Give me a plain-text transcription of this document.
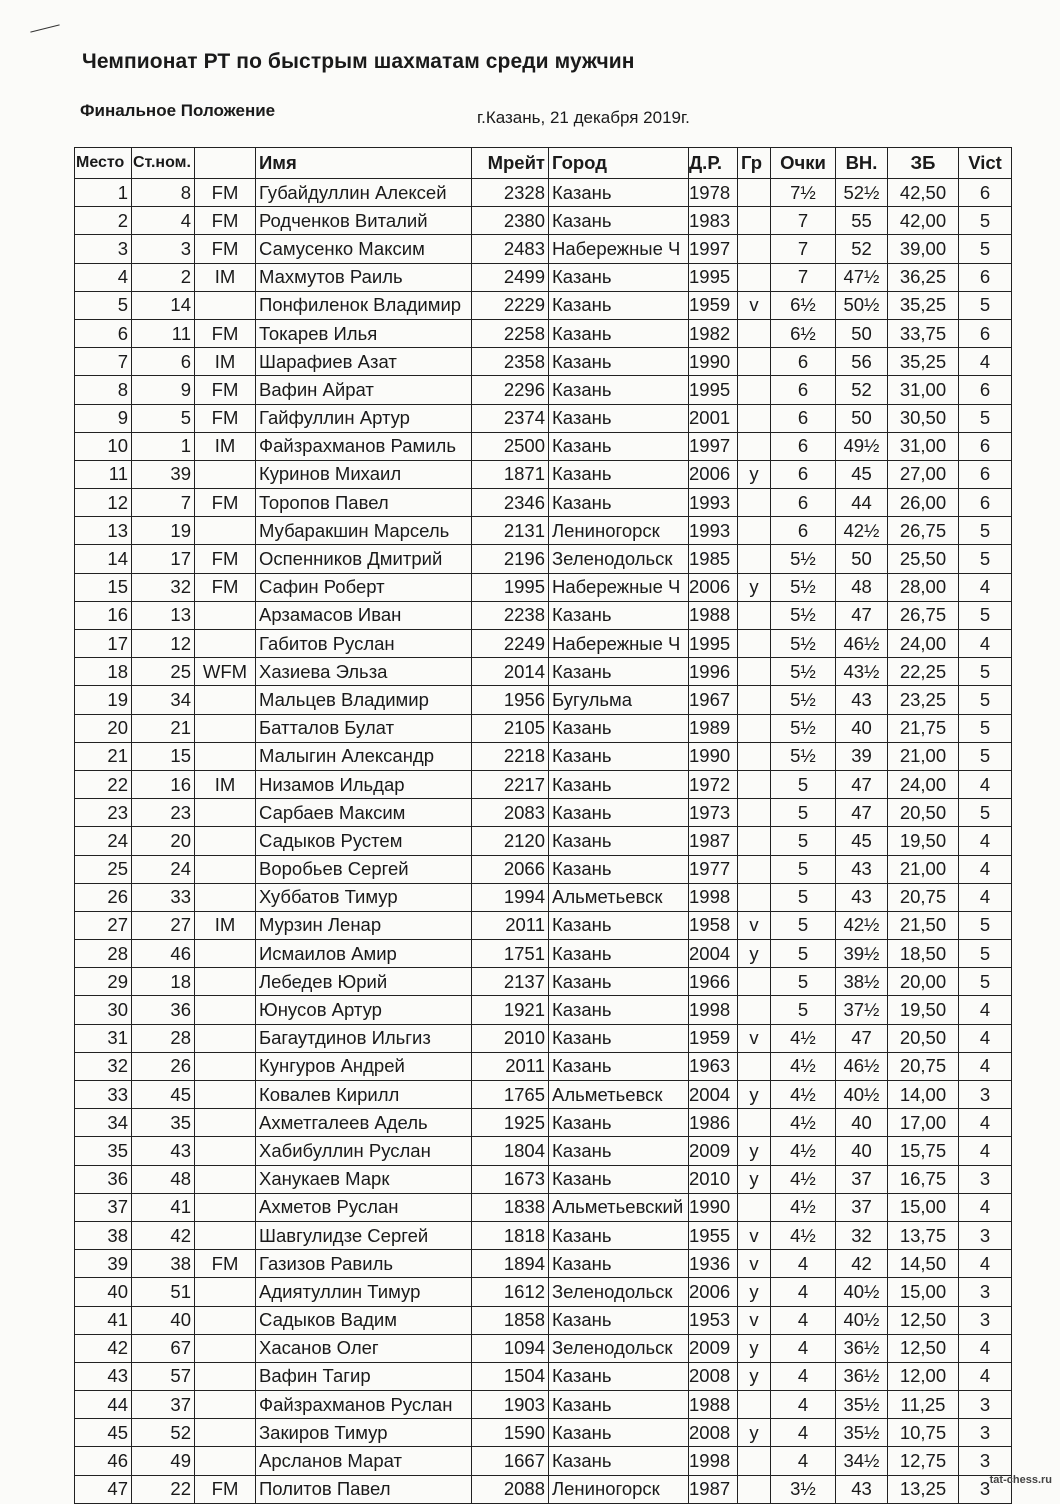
Чемпионат РТ по быстрым шахматам среди мужчин
Финальное Положение	г.Казань, 21 декабря 2019г.
Место	Ст.ном.		Имя	Мрейт	Город	Д.Р.	Гр	Очки	ВН.	ЗБ	Vict
1	8	FM	Губайдуллин Алексей	2328	Казань	1978		7½	52½	42,50	6
2	4	FM	Родченков Виталий	2380	Казань	1983		7	55	42,00	5
3	3	FM	Самусенко Максим	2483	Набережные Ч	1997		7	52	39,00	5
4	2	IM	Махмутов Раиль	2499	Казань	1995		7	47½	36,25	6
5	14		Понфиленок Владимир	2229	Казань	1959	v	6½	50½	35,25	5
6	11	FM	Токарев Илья	2258	Казань	1982		6½	50	33,75	6
7	6	IM	Шарафиев Азат	2358	Казань	1990		6	56	35,25	4
8	9	FM	Вафин Айрат	2296	Казань	1995		6	52	31,00	6
9	5	FM	Гайфуллин Артур	2374	Казань	2001		6	50	30,50	5
10	1	IM	Файзрахманов Рамиль	2500	Казань	1997		6	49½	31,00	6
11	39		Куринов Михаил	1871	Казань	2006	y	6	45	27,00	6
12	7	FM	Торопов Павел	2346	Казань	1993		6	44	26,00	6
13	19		Мубаракшин Марсель	2131	Лениногорск	1993		6	42½	26,75	5
14	17	FM	Оспенников Дмитрий	2196	Зеленодольск	1985		5½	50	25,50	5
15	32	FM	Сафин Роберт	1995	Набережные Ч	2006	y	5½	48	28,00	4
16	13		Арзамасов Иван	2238	Казань	1988		5½	47	26,75	5
17	12		Габитов Руслан	2249	Набережные Ч	1995		5½	46½	24,00	4
18	25	WFM	Хазиева Эльза	2014	Казань	1996		5½	43½	22,25	5
19	34		Мальцев Владимир	1956	Бугульма	1967		5½	43	23,25	5
20	21		Батталов Булат	2105	Казань	1989		5½	40	21,75	5
21	15		Малыгин Александр	2218	Казань	1990		5½	39	21,00	5
22	16	IM	Низамов Ильдар	2217	Казань	1972		5	47	24,00	4
23	23		Сарбаев Максим	2083	Казань	1973		5	47	20,50	5
24	20		Садыков Рустем	2120	Казань	1987		5	45	19,50	4
25	24		Воробьев Сергей	2066	Казань	1977		5	43	21,00	4
26	33		Хуббатов Тимур	1994	Альметьевск	1998		5	43	20,75	4
27	27	IM	Мурзин Ленар	2011	Казань	1958	v	5	42½	21,50	5
28	46		Исмаилов Амир	1751	Казань	2004	y	5	39½	18,50	5
29	18		Лебедев Юрий	2137	Казань	1966		5	38½	20,00	5
30	36		Юнусов Артур	1921	Казань	1998		5	37½	19,50	4
31	28		Багаутдинов Ильгиз	2010	Казань	1959	v	4½	47	20,50	4
32	26		Кунгуров Андрей	2011	Казань	1963		4½	46½	20,75	4
33	45		Ковалев Кирилл	1765	Альметьевск	2004	y	4½	40½	14,00	3
34	35		Ахметгалеев Адель	1925	Казань	1986		4½	40	17,00	4
35	43		Хабибуллин Руслан	1804	Казань	2009	y	4½	40	15,75	4
36	48		Ханукаев Марк	1673	Казань	2010	y	4½	37	16,75	3
37	41		Ахметов Руслан	1838	Альметьевский	1990		4½	37	15,00	4
38	42		Шавгулидзе Сергей	1818	Казань	1955	v	4½	32	13,75	3
39	38	FM	Газизов Равиль	1894	Казань	1936	v	4	42	14,50	4
40	51		Адиятуллин Тимур	1612	Зеленодольск	2006	y	4	40½	15,00	3
41	40		Садыков Вадим	1858	Казань	1953	v	4	40½	12,50	3
42	67		Хасанов Олег	1094	Зеленодольск	2009	y	4	36½	12,50	4
43	57		Вафин Тагир	1504	Казань	2008	y	4	36½	12,00	4
44	37		Файзрахманов Руслан	1903	Казань	1988		4	35½	11,25	3
45	52		Закиров Тимур	1590	Казань	2008	y	4	35½	10,75	3
46	49		Арсланов Марат	1667	Казань	1998		4	34½	12,75	3
47	22	FM	Политов Павел	2088	Лениногорск	1987		3½	43	13,25	3 tat-chess.ru
